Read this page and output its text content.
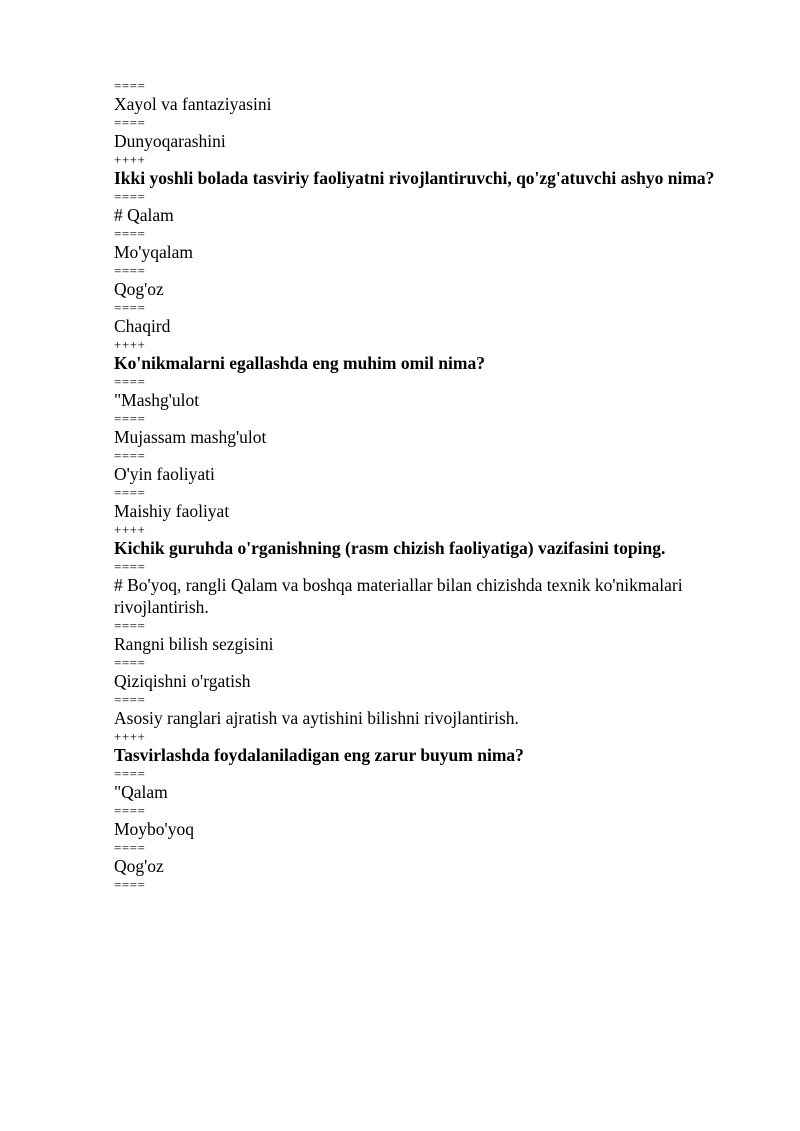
====
Xayol va fantaziyasini
====
Dunyoqarashini
++++
Ikki yoshli bolada tasviriy faoliyatni rivojlantiruvchi, qo'zg'atuvchi ashyo nima?
====
# Qalam
====
Mo'yqalam
====
Qog'oz
====
Chaqird
++++
Ko'nikmalarni egallashda eng muhim omil nima?
====
"Mashg'ulot
====
Mujassam mashg'ulot
====
O'yin faoliyati
====
Maishiy faoliyat
++++
Kichik guruhda o'rganishning (rasm chizish faoliyatiga) vazifasini toping.
====
# Bo'yoq, rangli Qalam va boshqa materiallar bilan chizishda texnik ko'nikmalari rivojlantirish.
====
Rangni bilish sezgisini
====
Qiziqishni o'rgatish
====
Asosiy ranglari ajratish va aytishini bilishni rivojlantirish.
++++
Tasvirlashda foydalaniladigan eng zarur buyum nima?
====
"Qalam
====
Moybo'yoq
====
Qog'oz
====
